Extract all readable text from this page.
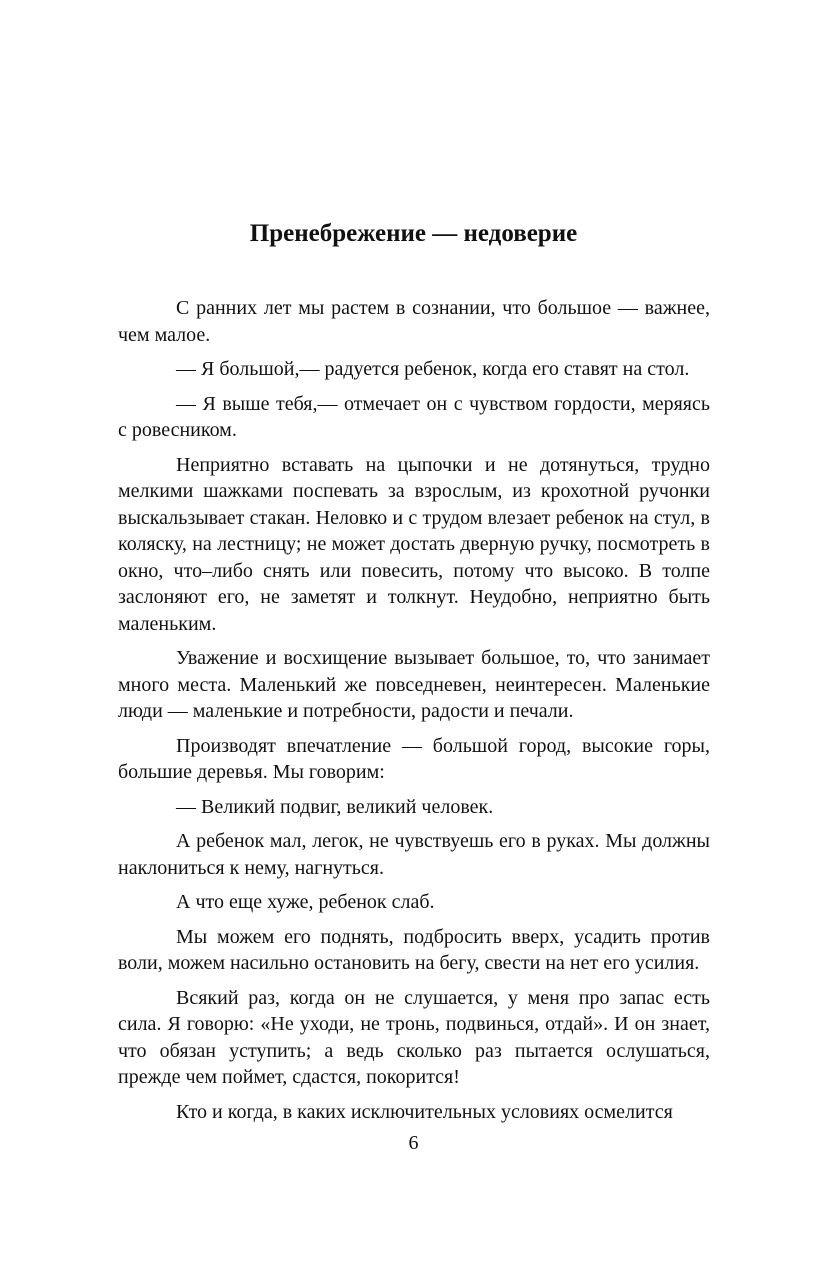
Пренебрежение — недоверие

С ранних лет мы растем в сознании, что большое — важнее, чем малое.

— Я большой,— радуется ребенок, когда его ставят на стол.

— Я выше тебя,— отмечает он с чувством гордости, меряясь с ровесником.

Неприятно вставать на цыпочки и не дотянуться, трудно мелкими шажками поспевать за взрослым, из крохотной ручонки выскальзывает стакан. Неловко и с трудом влезает ребенок на стул, в коляску, на лестницу; не может достать дверную ручку, посмотреть в окно, что–либо снять или повесить, потому что высоко. В толпе заслоняют его, не заметят и толкнут. Неудобно, неприятно быть маленьким.

Уважение и восхищение вызывает большое, то, что занимает много места. Маленький же повседневен, неинтересен. Маленькие люди — маленькие и потребности, радости и печали.

Производят впечатление — большой город, высокие горы, большие деревья. Мы говорим:

— Великий подвиг, великий человек.

А ребенок мал, легок, не чувствуешь его в руках. Мы должны наклониться к нему, нагнуться.

А что еще хуже, ребенок слаб.

Мы можем его поднять, подбросить вверх, усадить против воли, можем насильно остановить на бегу, свести на нет его усилия.

Всякий раз, когда он не слушается, у меня про запас есть сила. Я говорю: «Не уходи, не тронь, подвинься, отдай». И он знает, что обязан уступить; а ведь сколько раз пытается ослушаться, прежде чем поймет, сдастся, покорится!

Кто и когда, в каких исключительных условиях осмелится

6
